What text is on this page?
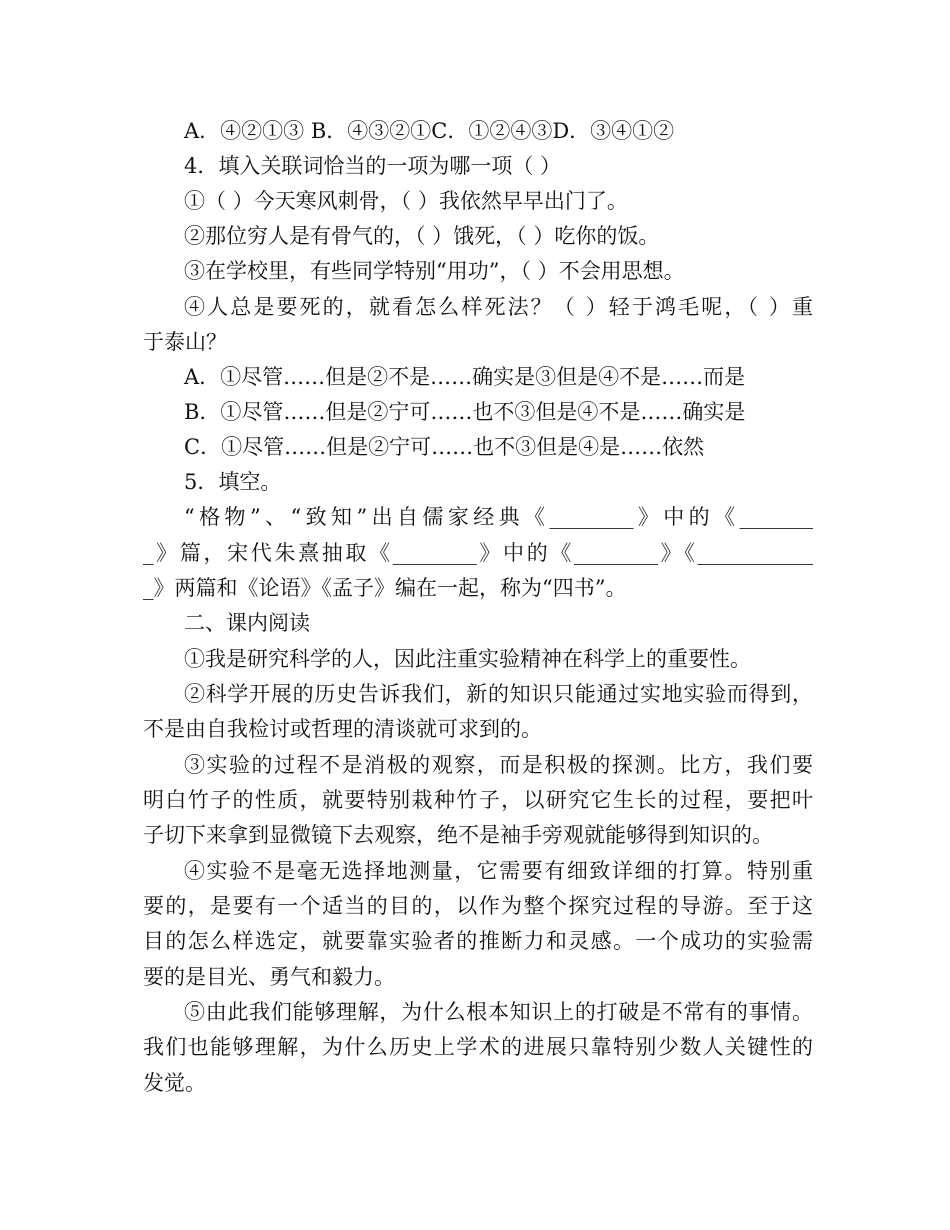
A．④②①③ B．④③②①C．①②④③D．③④①②
4．填入关联词恰当的一项为哪一项（ ）
①（ ）今天寒风刺骨，（ ）我依然早早出门了。
②那位穷人是有骨气的，（ ）饿死，（ ）吃你的饭。
③在学校里，有些同学特别“用功”，（ ）不会用思想。
④人总是要死的，就看怎么样死法？（ ）轻于鸿毛呢，（ ）重
于泰山？
A．①尽管……但是②不是……确实是③但是④不是……而是
B．①尽管……但是②宁可……也不③但是④不是……确实是
C．①尽管……但是②宁可……也不③但是④是……依然
5．填空。
“格物”、“致知”出自儒家经典《________》中的《_______
_》篇，宋代朱熹抽取《________》中的《________》《___________
_》两篇和《论语》《孟子》编在一起，称为“四书”。
二、课内阅读
①我是研究科学的人，因此注重实验精神在科学上的重要性。
②科学开展的历史告诉我们，新的知识只能通过实地实验而得到，
不是由自我检讨或哲理的清谈就可求到的。
③实验的过程不是消极的观察，而是积极的探测。比方，我们要
明白竹子的性质，就要特别栽种竹子，以研究它生长的过程，要把叶
子切下来拿到显微镜下去观察，绝不是袖手旁观就能够得到知识的。
④实验不是毫无选择地测量，它需要有细致详细的打算。特别重
要的，是要有一个适当的目的，以作为整个探究过程的导游。至于这
目的怎么样选定，就要靠实验者的推断力和灵感。一个成功的实验需
要的是目光、勇气和毅力。
⑤由此我们能够理解，为什么根本知识上的打破是不常有的事情。
我们也能够理解，为什么历史上学术的进展只靠特别少数人关键性的
发觉。
